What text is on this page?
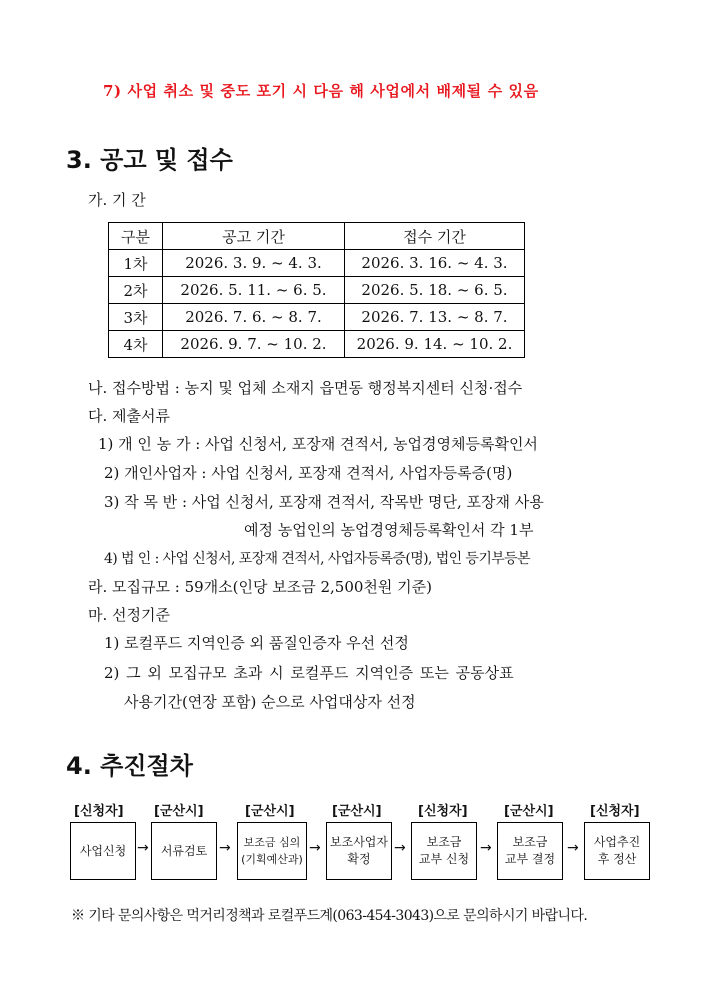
7) 사업 취소 및 중도 포기 시 다음 해 사업에서 배제될 수 있음
3. 공고 및 접수
가. 기 간
구분	공고 기간	접수 기간
1차	2026. 3. 9. ~ 4. 3.	2026. 3. 16. ~ 4. 3.
2차	2026. 5. 11. ~ 6. 5.	2026. 5. 18. ~ 6. 5.
3차	2026. 7. 6. ~ 8. 7.	2026. 7. 13. ~ 8. 7.
4차	2026. 9. 7. ~ 10. 2.	2026. 9. 14. ~ 10. 2.
나. 접수방법 : 농지 및 업체 소재지 읍면동 행정복지센터 신청·접수
다. 제출서류
1) 개 인 농 가 : 사업 신청서, 포장재 견적서, 농업경영체등록확인서
2) 개인사업자 : 사업 신청서, 포장재 견적서, 사업자등록증(명)
3) 작 목 반 : 사업 신청서, 포장재 견적서, 작목반 명단, 포장재 사용
예정 농업인의 농업경영체등록확인서 각 1부
4) 법 인 : 사업 신청서, 포장재 견적서, 사업자등록증(명), 법인 등기부등본
라. 모집규모 : 59개소(인당 보조금 2,500천원 기준)
마. 선정기준
1) 로컬푸드 지역인증 외 품질인증자 우선 선정
2) 그 외 모집규모 초과 시 로컬푸드 지역인증 또는 공동상표
사용기간(연장 포함) 순으로 사업대상자 선정
4. 추진절차
[신청자] [군산시]	[군산시]	[군산시]	[신청자]	[군산시]	[신청자]
사업신청	서류검토
보조금 심의
(기획예산과)
보조사업자
확정
보조금
교부 신청
보조금
교부 결정
사업추진
후 정산
→	→	→	→	→	→
※ 기타 문의사항은 먹거리정책과 로컬푸드계(063-454-3043)으로 문의하시기 바랍니다.
